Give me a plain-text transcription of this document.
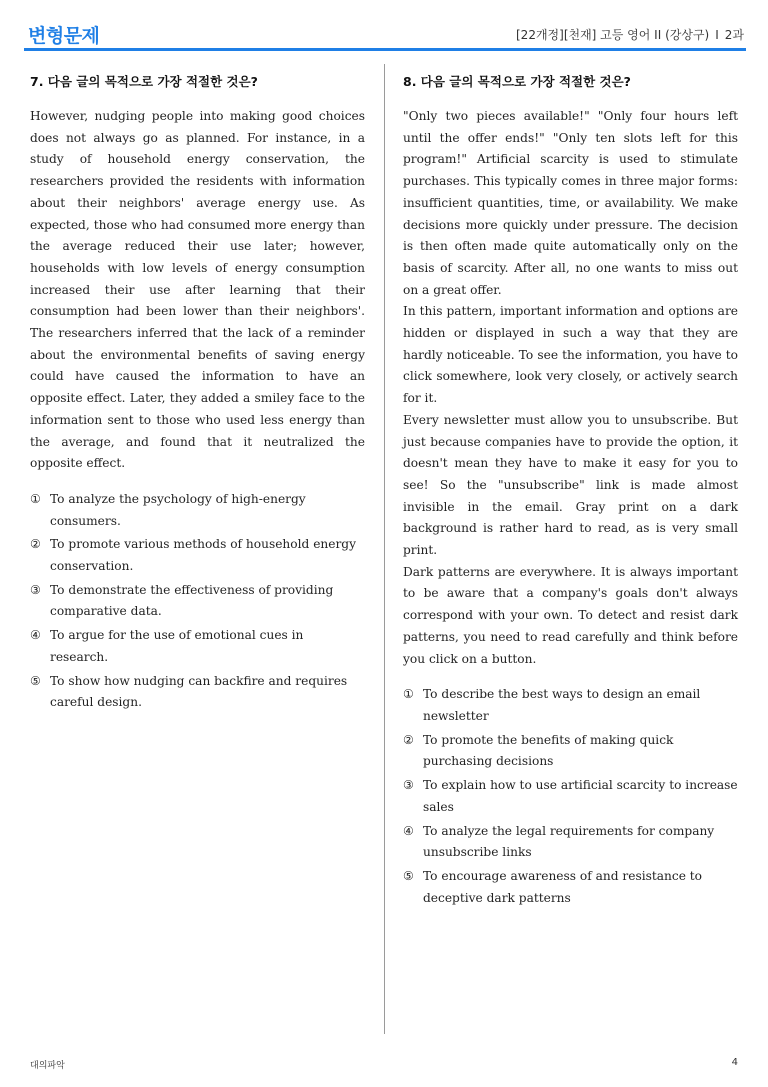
변형문제	[22개정][천재] 고등 영어 II (강상구) I 2과
7. 다음 글의 목적으로 가장 적절한 것은?

However, nudging people into making good choices does not always go as planned. For instance, in a study of household energy conservation, the researchers provided the residents with information about their neighbors' average energy use. As expected, those who had consumed more energy than the average reduced their use later; however, households with low levels of energy consumption increased their use after learning that their consumption had been lower than their neighbors'. The researchers inferred that the lack of a reminder about the environmental benefits of saving energy could have caused the information to have an opposite effect. Later, they added a smiley face to the information sent to those who used less energy than the average, and found that it neutralized the opposite effect.

① To analyze the psychology of high-energy consumers.
② To promote various methods of household energy conservation.
③ To demonstrate the effectiveness of providing comparative data.
④ To argue for the use of emotional cues in research.
⑤ To show how nudging can backfire and requires careful design.
8. 다음 글의 목적으로 가장 적절한 것은?

"Only two pieces available!" "Only four hours left until the offer ends!" "Only ten slots left for this program!" Artificial scarcity is used to stimulate purchases. This typically comes in three major forms: insufficient quantities, time, or availability. We make decisions more quickly under pressure. The decision is then often made quite automatically only on the basis of scarcity. After all, no one wants to miss out on a great offer.

In this pattern, important information and options are hidden or displayed in such a way that they are hardly noticeable. To see the information, you have to click somewhere, look very closely, or actively search for it.

Every newsletter must allow you to unsubscribe. But just because companies have to provide the option, it doesn't mean they have to make it easy for you to see! So the "unsubscribe" link is made almost invisible in the email. Gray print on a dark background is rather hard to read, as is very small print.

Dark patterns are everywhere. It is always important to be aware that a company's goals don't always correspond with your own. To detect and resist dark patterns, you need to read carefully and think before you click on a button.

① To describe the best ways to design an email newsletter
② To promote the benefits of making quick purchasing decisions
③ To explain how to use artificial scarcity to increase sales
④ To analyze the legal requirements for company unsubscribe links
⑤ To encourage awareness of and resistance to deceptive dark patterns
대의파악	4
